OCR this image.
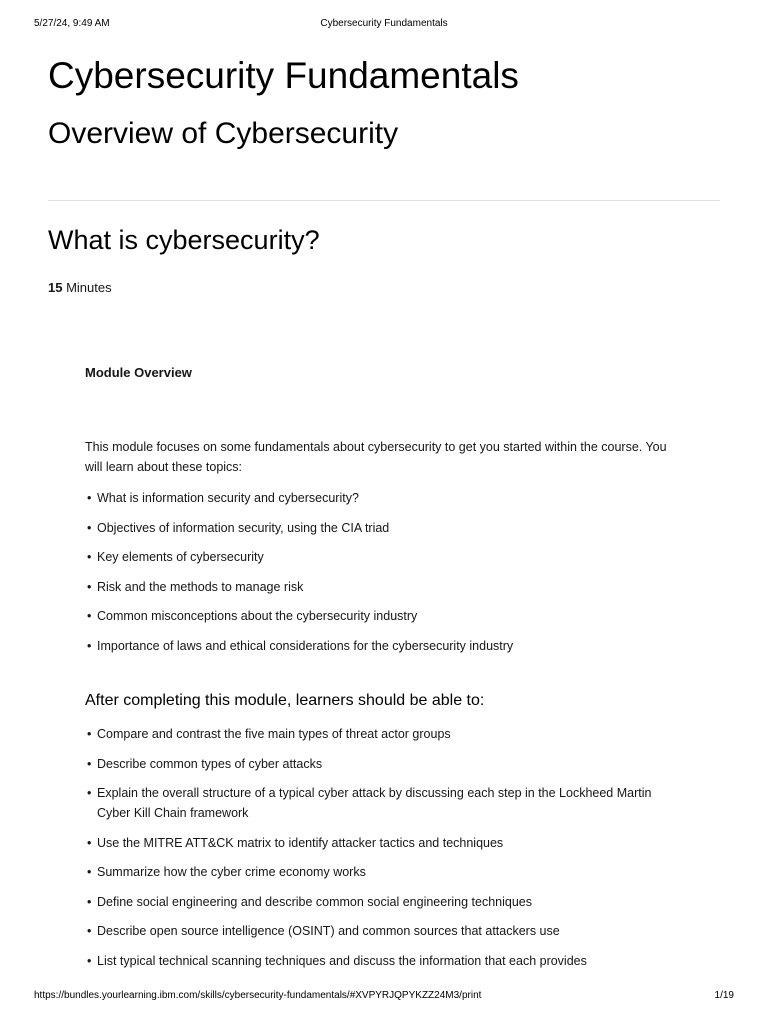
5/27/24, 9:49 AM	Cybersecurity Fundamentals
Cybersecurity Fundamentals
Overview of Cybersecurity
What is cybersecurity?
15 Minutes
Module Overview

This module focuses on some fundamentals about cybersecurity to get you started within the course. You will learn about these topics:

• What is information security and cybersecurity?
• Objectives of information security, using the CIA triad
• Key elements of cybersecurity
• Risk and the methods to manage risk
• Common misconceptions about the cybersecurity industry
• Importance of laws and ethical considerations for the cybersecurity industry
After completing this module, learners should be able to:
• Compare and contrast the five main types of threat actor groups
• Describe common types of cyber attacks
• Explain the overall structure of a typical cyber attack by discussing each step in the Lockheed Martin Cyber Kill Chain framework
• Use the MITRE ATT&CK matrix to identify attacker tactics and techniques
• Summarize how the cyber crime economy works
• Define social engineering and describe common social engineering techniques
• Describe open source intelligence (OSINT) and common sources that attackers use
• List typical technical scanning techniques and discuss the information that each provides
https://bundles.yourlearning.ibm.com/skills/cybersecurity-fundamentals/#XVPYRJQPYKZZ24M3/print	1/19
